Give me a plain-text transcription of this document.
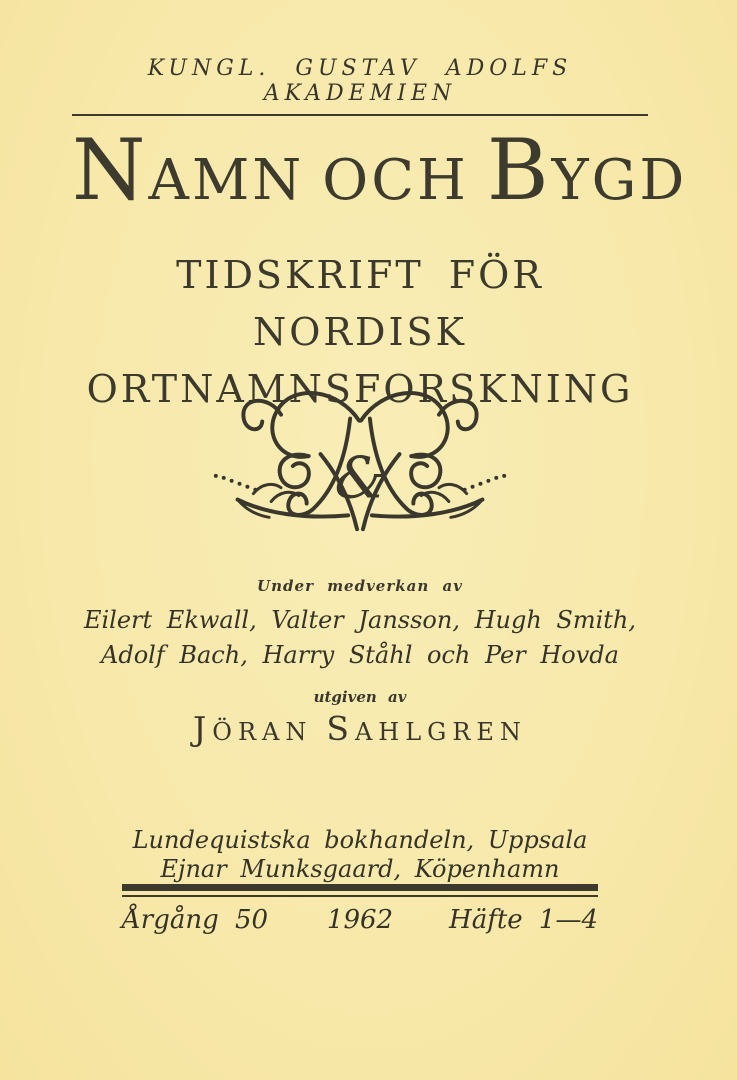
KUNGL. GUSTAV ADOLFS AKADEMIEN
NAMN OCH BYGD
TIDSKRIFT FÖR NORDISK
ORTNAMNSFORSKNING
&
Under medverkan av
Eilert Ekwall, Valter Jansson, Hugh Smith,
Adolf Bach, Harry Ståhl och Per Hovda
utgiven av
JÖRAN SAHLGREN
Lundequistska bokhandeln, Uppsala
Ejnar Munksgaard, Köpenhamn
Årgång 50	1962	Häfte 1—4
